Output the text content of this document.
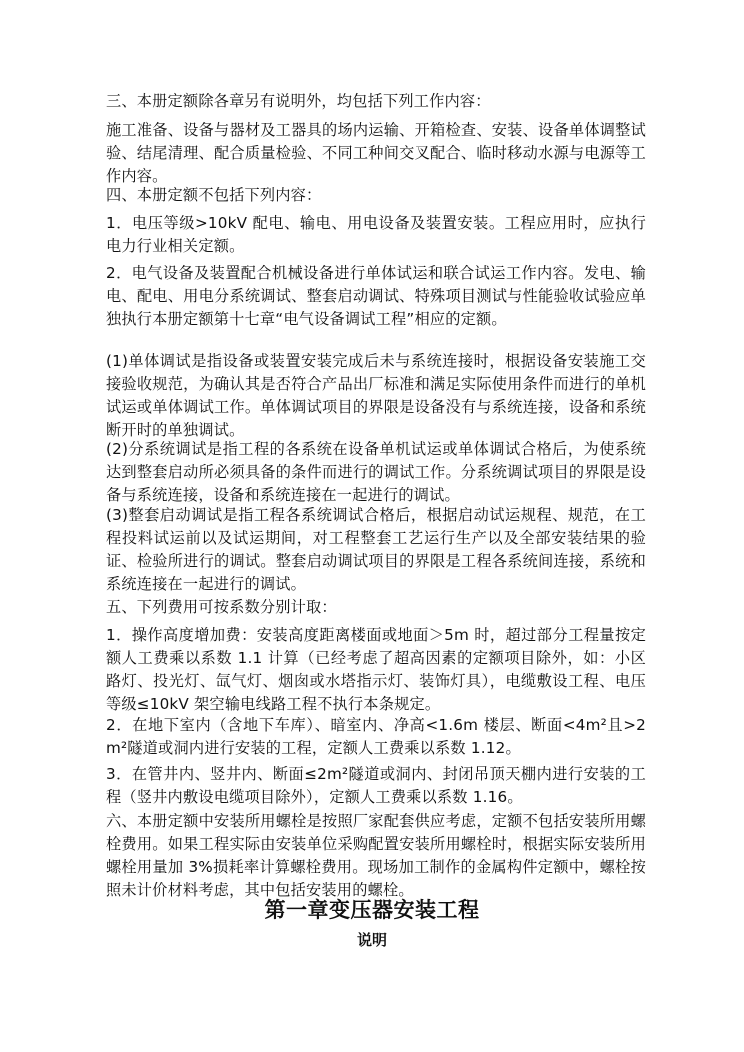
三、本册定额除各章另有说明外，均包括下列工作内容：

施工准备、设备与器材及工器具的场内运输、开箱检查、安装、设备单体调整试验、结尾清理、配合质量检验、不同工种间交叉配合、临时移动水源与电源等工作内容。

四、本册定额不包括下列内容：

1．电压等级>10kV 配电、输电、用电设备及装置安装。工程应用时，应执行电力行业相关定额。

2．电气设备及装置配合机械设备进行单体试运和联合试运工作内容。发电、输电、配电、用电分系统调试、整套启动调试、特殊项目测试与性能验收试验应单独执行本册定额第十七章“电气设备调试工程”相应的定额。

(1)单体调试是指设备或装置安装完成后未与系统连接时，根据设备安装施工交接验收规范，为确认其是否符合产品出厂标准和满足实际使用条件而进行的单机试运或单体调试工作。单体调试项目的界限是设备没有与系统连接，设备和系统断开时的单独调试。

(2)分系统调试是指工程的各系统在设备单机试运或单体调试合格后，为使系统达到整套启动所必须具备的条件而进行的调试工作。分系统调试项目的界限是设备与系统连接，设备和系统连接在一起进行的调试。

(3)整套启动调试是指工程各系统调试合格后，根据启动试运规程、规范，在工程投料试运前以及试运期间，对工程整套工艺运行生产以及全部安装结果的验证、检验所进行的调试。整套启动调试项目的界限是工程各系统间连接，系统和系统连接在一起进行的调试。

五、下列费用可按系数分别计取：

1．操作高度增加费：安装高度距离楼面或地面＞5m 时，超过部分工程量按定额人工费乘以系数 1.1 计算（已经考虑了超高因素的定额项目除外，如：小区路灯、投光灯、氙气灯、烟囱或水塔指示灯、装饰灯具），电缆敷设工程、电压等级≤10kV 架空输电线路工程不执行本条规定。

2．在地下室内（含地下车库）、暗室内、净高<1.6m 楼层、断面<4m²且>2m²隧道或洞内进行安装的工程，定额人工费乘以系数 1.12。

3．在管井内、竖井内、断面≤2m²隧道或洞内、封闭吊顶天棚内进行安装的工程（竖井内敷设电缆项目除外），定额人工费乘以系数 1.16。

六、本册定额中安装所用螺栓是按照厂家配套供应考虑，定额不包括安装所用螺栓费用。如果工程实际由安装单位采购配置安装所用螺栓时，根据实际安装所用螺栓用量加 3%损耗率计算螺栓费用。现场加工制作的金属构件定额中，螺栓按照未计价材料考虑，其中包括安装用的螺栓。

第一章变压器安装工程
说明
